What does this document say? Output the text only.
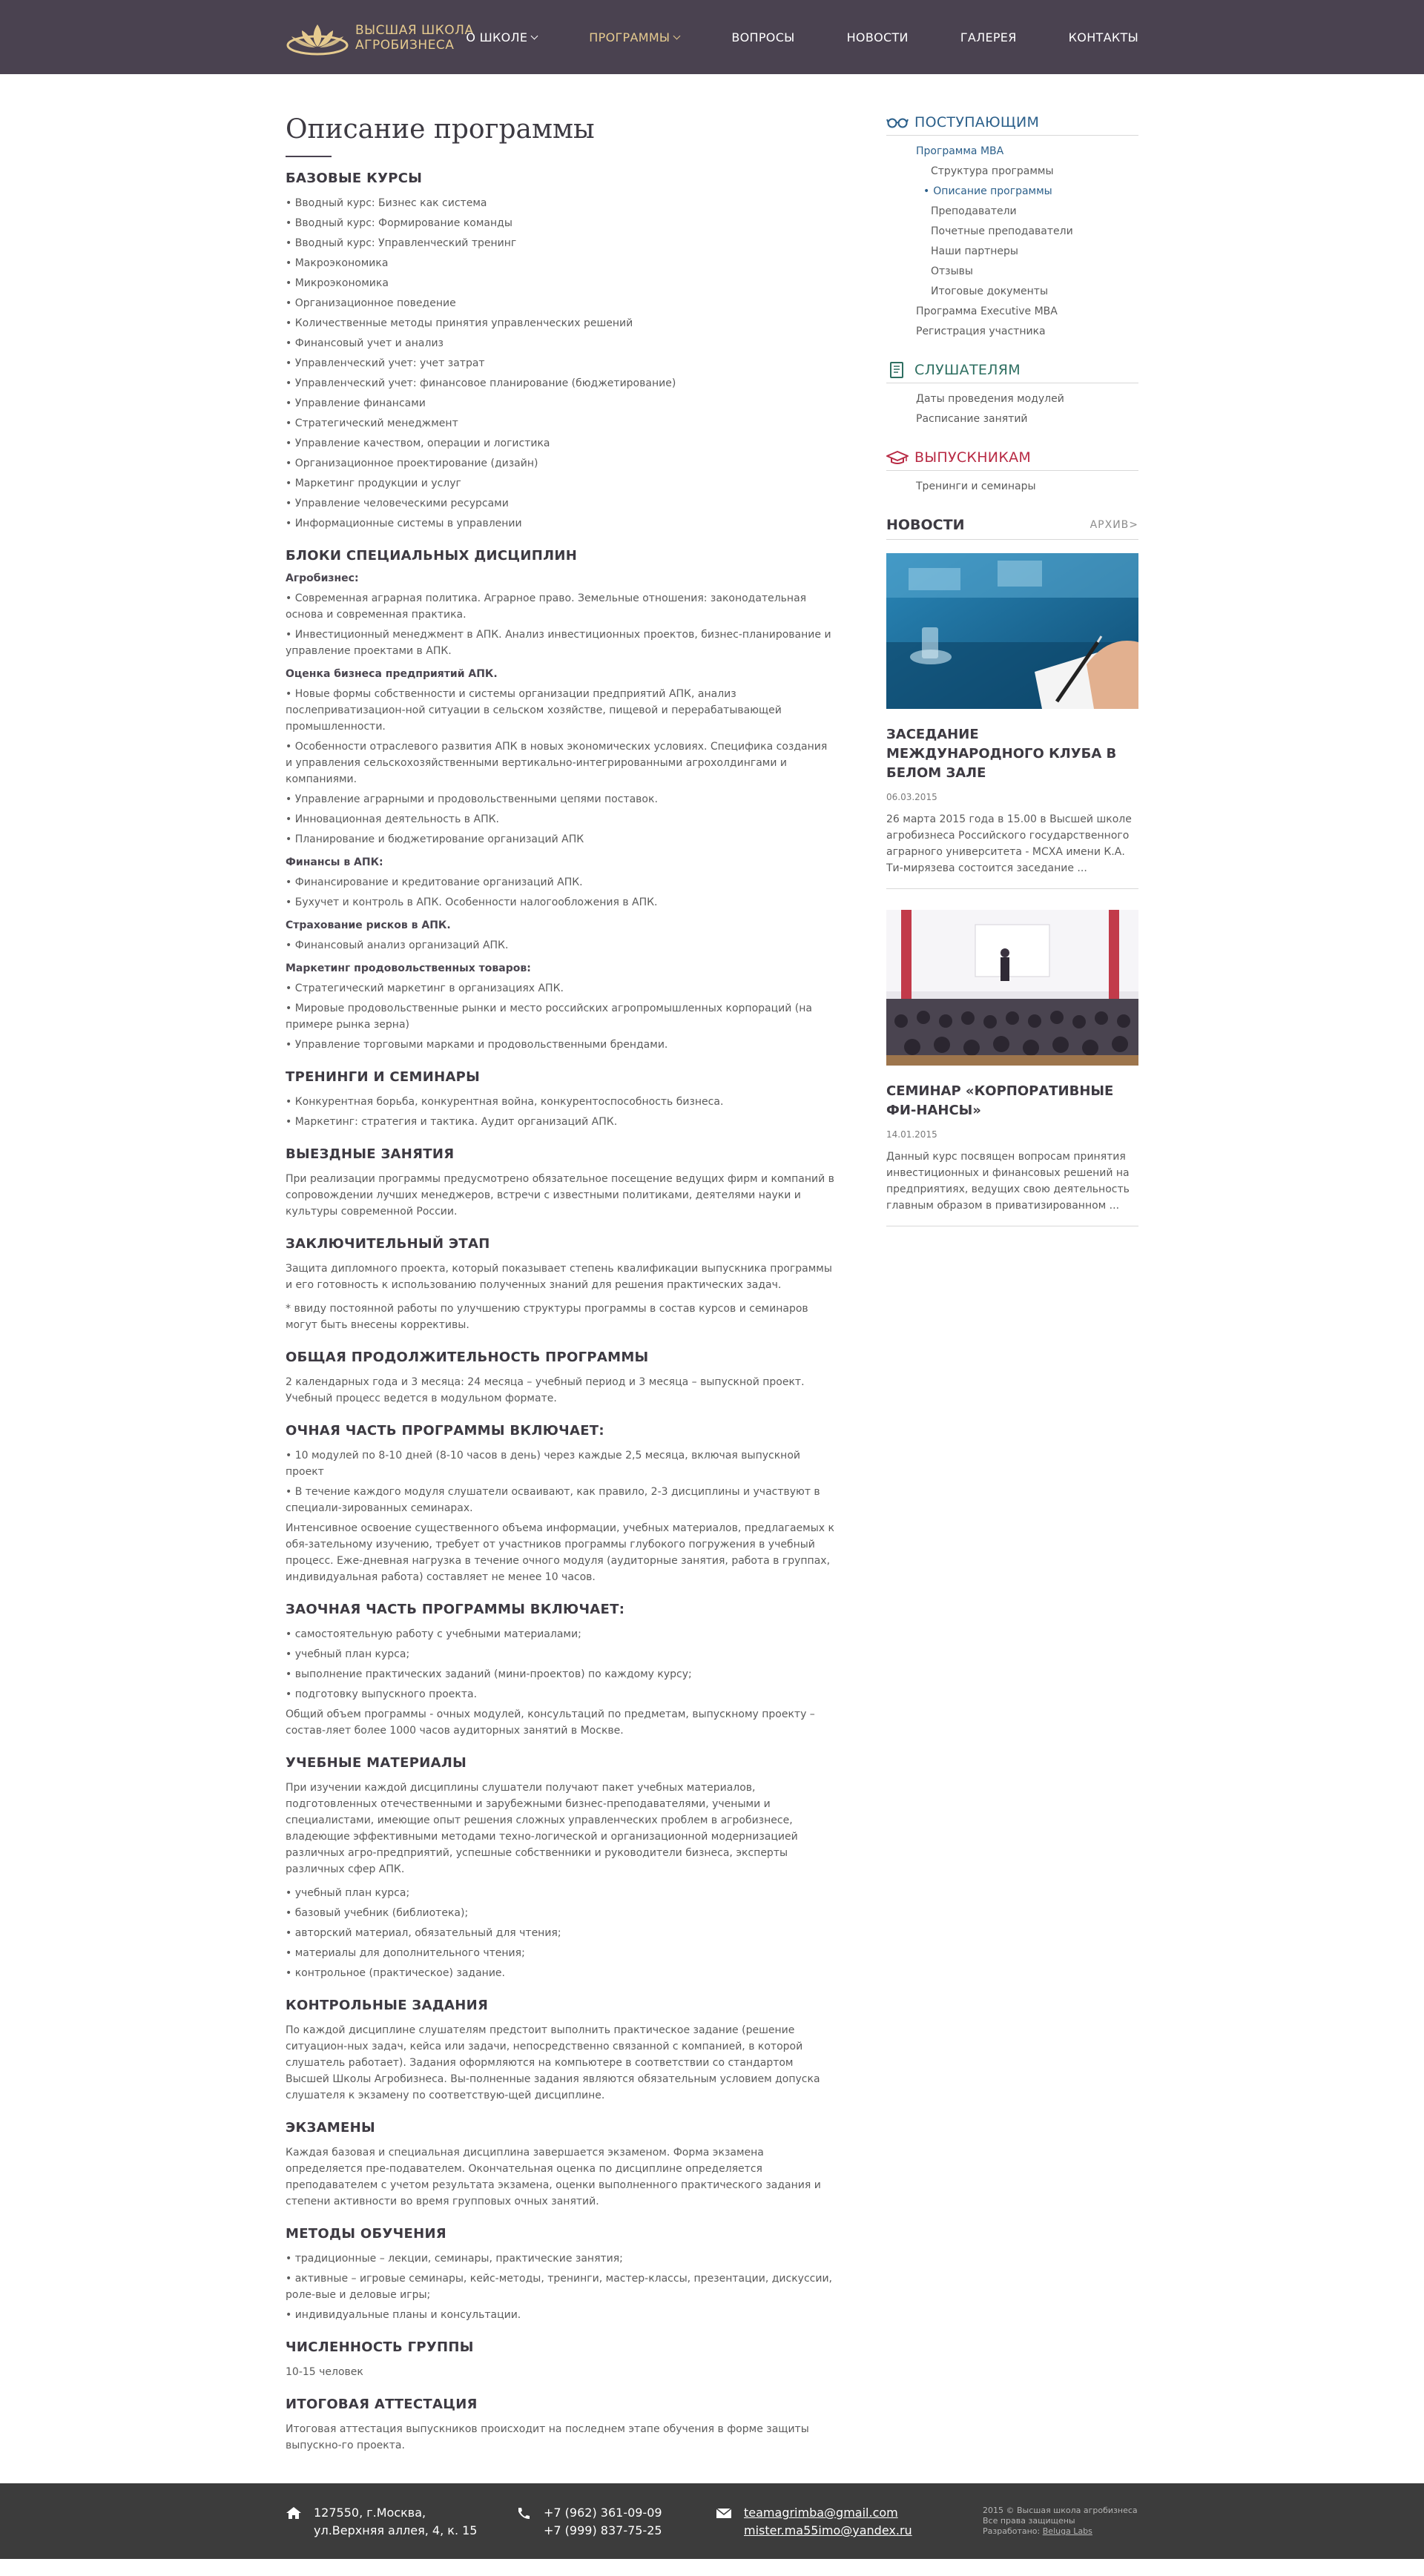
ВЫСШАЯ ШКОЛА
АГРОБИЗНЕСА
О ШКОЛЕ	ПРОГРАММЫ	ВОПРОСЫ	НОВОСТИ	ГАЛЕРЕЯ	КОНТАКТЫ
Описание программы
БАЗОВЫЕ КУРСЫ
• Вводный курс: Бизнес как система
• Вводный курс: Формирование команды
• Вводный курс: Управленческий тренинг
• Макроэкономика
• Микроэкономика
• Организационное поведение
• Количественные методы принятия управленческих решений
• Финансовый учет и анализ
• Управленческий учет: учет затрат
• Управленческий учет: финансовое планирование (бюджетирование)
• Управление финансами
• Стратегический менеджмент
• Управление качеством, операции и логистика
• Организационное проектирование (дизайн)
• Маркетинг продукции и услуг
• Управление человеческими ресурсами
• Информационные системы в управлении
БЛОКИ СПЕЦИАЛЬНЫХ ДИСЦИПЛИН
Агробизнес:
• Современная аграрная политика. Аграрное право. Земельные отношения: законодательная основа и современная практика.
• Инвестиционный менеджмент в АПК. Анализ инвестиционных проектов, бизнес-планирование и управление проектами в АПК.
Оценка бизнеса предприятий АПК.
• Новые формы собственности и системы организации предприятий АПК, анализ послеприватизацион-ной ситуации в сельском хозяйстве, пищевой и перерабатывающей промышленности.
• Особенности отраслевого развития АПК в новых экономических условиях. Специфика создания и управления сельскохозяйственными вертикально-интегрированными агрохолдингами и компаниями.
• Управление аграрными и продовольственными цепями поставок.
• Инновационная деятельность в АПК.
• Планирование и бюджетирование организаций АПК
Финансы в АПК:
• Финансирование и кредитование организаций АПК.
• Бухучет и контроль в АПК. Особенности налогообложения в АПК.
Страхование рисков в АПК.
• Финансовый анализ организаций АПК.
Маркетинг продовольственных товаров:
• Стратегический маркетинг в организациях АПК.
• Мировые продовольственные рынки и место российских агропромышленных корпораций (на примере рынка зерна)
• Управление торговыми марками и продовольственными брендами.
ТРЕНИНГИ И СЕМИНАРЫ
• Конкурентная борьба, конкурентная война, конкурентоспособность бизнеса.
• Маркетинг: стратегия и тактика. Аудит организаций АПК.
ВЫЕЗДНЫЕ ЗАНЯТИЯ
При реализации программы предусмотрено обязательное посещение ведущих фирм и компаний в сопровождении лучших менеджеров, встречи с известными политиками, деятелями науки и культуры современной России.
ЗАКЛЮЧИТЕЛЬНЫЙ ЭТАП
Защита дипломного проекта, который показывает степень квалификации выпускника программы и его готовность к использованию полученных знаний для решения практических задач.
* ввиду постоянной работы по улучшению структуры программы в состав курсов и семинаров могут быть внесены коррективы.
ОБЩАЯ ПРОДОЛЖИТЕЛЬНОСТЬ ПРОГРАММЫ
2 календарных года и 3 месяца: 24 месяца – учебный период и 3 месяца – выпускной проект. Учебный процесс ведется в модульном формате.
ОЧНАЯ ЧАСТЬ ПРОГРАММЫ ВКЛЮЧАЕТ:
• 10 модулей по 8-10 дней (8-10 часов в день) через каждые 2,5 месяца, включая выпускной проект
• В течение каждого модуля слушатели осваивают, как правило, 2-3 дисциплины и участвуют в специали-зированных семинарах.
Интенсивное освоение существенного объема информации, учебных материалов, предлагаемых к обя-зательному изучению, требует от участников программы глубокого погружения в учебный процесс. Еже-дневная нагрузка в течение очного модуля (аудиторные занятия, работа в группах, индивидуальная работа) составляет не менее 10 часов.
ЗАОЧНАЯ ЧАСТЬ ПРОГРАММЫ ВКЛЮЧАЕТ:
• самостоятельную работу с учебными материалами;
• учебный план курса;
• выполнение практических заданий (мини-проектов) по каждому курсу;
• подготовку выпускного проекта.
Общий объем программы - очных модулей, консультаций по предметам, выпускному проекту – состав-ляет более 1000 часов аудиторных занятий в Москве.
УЧЕБНЫЕ МАТЕРИАЛЫ
При изучении каждой дисциплины слушатели получают пакет учебных материалов, подготовленных отечественными и зарубежными бизнес-преподавателями, учеными и специалистами, имеющие опыт решения сложных управленческих проблем в агробизнесе, владеющие эффективными методами техно-логической и организационной модернизацией различных агро-предприятий, успешные собственники и руководители бизнеса, эксперты различных сфер АПК.
• учебный план курса;
• базовый учебник (библиотека);
• авторский материал, обязательный для чтения;
• материалы для дополнительного чтения;
• контрольное (практическое) задание.
КОНТРОЛЬНЫЕ ЗАДАНИЯ
По каждой дисциплине слушателям предстоит выполнить практическое задание (решение ситуацион-ных задач, кейса или задачи, непосредственно связанной с компанией, в которой слушатель работает). Задания оформляются на компьютере в соответствии со стандартом Высшей Школы Агробизнеса. Вы-полненные задания являются обязательным условием допуска слушателя к экзамену по соответствую-щей дисциплине.
ЭКЗАМЕНЫ
Каждая базовая и специальная дисциплина завершается экзаменом. Форма экзамена определяется пре-подавателем. Окончательная оценка по дисциплине определяется преподавателем с учетом результата экзамена, оценки выполненного практического задания и степени активности во время групповых очных занятий.
МЕТОДЫ ОБУЧЕНИЯ
• традиционные – лекции, семинары, практические занятия;
• активные – игровые семинары, кейс-методы, тренинги, мастер-классы, презентации, дискуссии, роле-вые и деловые игры;
• индивидуальные планы и консультации.
ЧИСЛЕННОСТЬ ГРУППЫ
10-15 человек
ИТОГОВАЯ АТТЕСТАЦИЯ
Итоговая аттестация выпускников происходит на последнем этапе обучения в форме защиты выпускно-го проекта.
ПОСТУПАЮЩИМ
Программа MBA
Структура программы
• Описание программы
Преподаватели
Почетные преподаватели
Наши партнеры
Отзывы
Итоговые документы
Программа Executive MBA
Регистрация участника
СЛУШАТЕЛЯМ
Даты проведения модулей
Расписание занятий
ВЫПУСКНИКАМ
Тренинги и семинары
НОВОСТИ	АРХИВ>
ЗАСЕДАНИЕ МЕЖДУНАРОДНОГО КЛУБА В БЕЛОМ ЗАЛЕ
06.03.2015
26 марта 2015 года в 15.00 в Высшей школе агробизнеса Российского государственного аграрного университета - МСХА имени К.А. Ти-мирязева состоится заседание ...
СЕМИНАР «КОРПОРАТИВНЫЕ ФИ-НАНСЫ»
14.01.2015
Данный курс посвящен вопросам принятия инвестиционных и финансовых решений на предприятиях, ведущих свою деятельность главным образом в приватизированном ...
127550, г.Москва,
ул.Верхняя аллея, 4, к. 15
+7 (962) 361-09-09
+7 (999) 837-75-25
teamagrimba@gmail.com
mister.ma55imo@yandex.ru
2015 © Высшая школа агробизнеса
Все права защищены
Разработано: Beluga Labs
